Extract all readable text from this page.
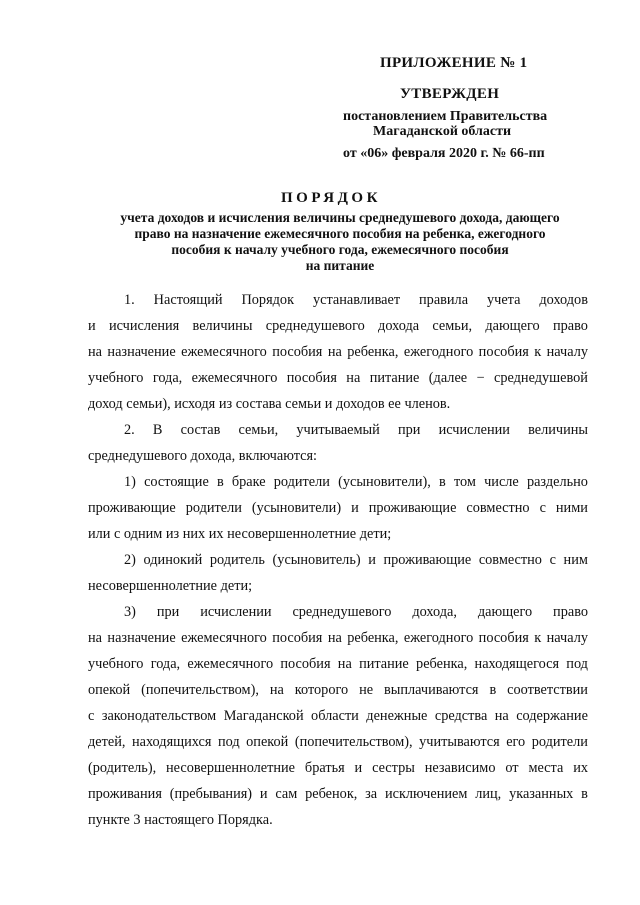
ПРИЛОЖЕНИЕ № 1
УТВЕРЖДЕН
постановлением Правительства
Магаданской области
от «06» февраля 2020 г. № 66-пп
ПОРЯДОК
учета доходов и исчисления величины среднедушевого дохода, дающего
право на назначение ежемесячного пособия на ребенка, ежегодного
пособия к началу учебного года, ежемесячного пособия
на питание
1. Настоящий Порядок устанавливает правила учета доходов
и исчисления величины среднедушевого дохода семьи, дающего право
на назначение ежемесячного пособия на ребенка, ежегодного пособия к началу
учебного года, ежемесячного пособия на питание (далее − среднедушевой
доход семьи), исходя из состава семьи и доходов ее членов.
2. В состав семьи, учитываемый при исчислении величины
среднедушевого дохода, включаются:
1) состоящие в браке родители (усыновители), в том числе раздельно
проживающие родители (усыновители) и проживающие совместно с ними
или с одним из них их несовершеннолетние дети;
2) одинокий родитель (усыновитель) и проживающие совместно с ним
несовершеннолетние дети;
3) при исчислении среднедушевого дохода, дающего право
на назначение ежемесячного пособия на ребенка, ежегодного пособия к началу
учебного года, ежемесячного пособия на питание ребенка, находящегося под
опекой (попечительством), на которого не выплачиваются в соответствии
с законодательством Магаданской области денежные средства на содержание
детей, находящихся под опекой (попечительством), учитываются его родители
(родитель), несовершеннолетние братья и сестры независимо от места их
проживания (пребывания) и сам ребенок, за исключением лиц, указанных в
пункте 3 настоящего Порядка.
